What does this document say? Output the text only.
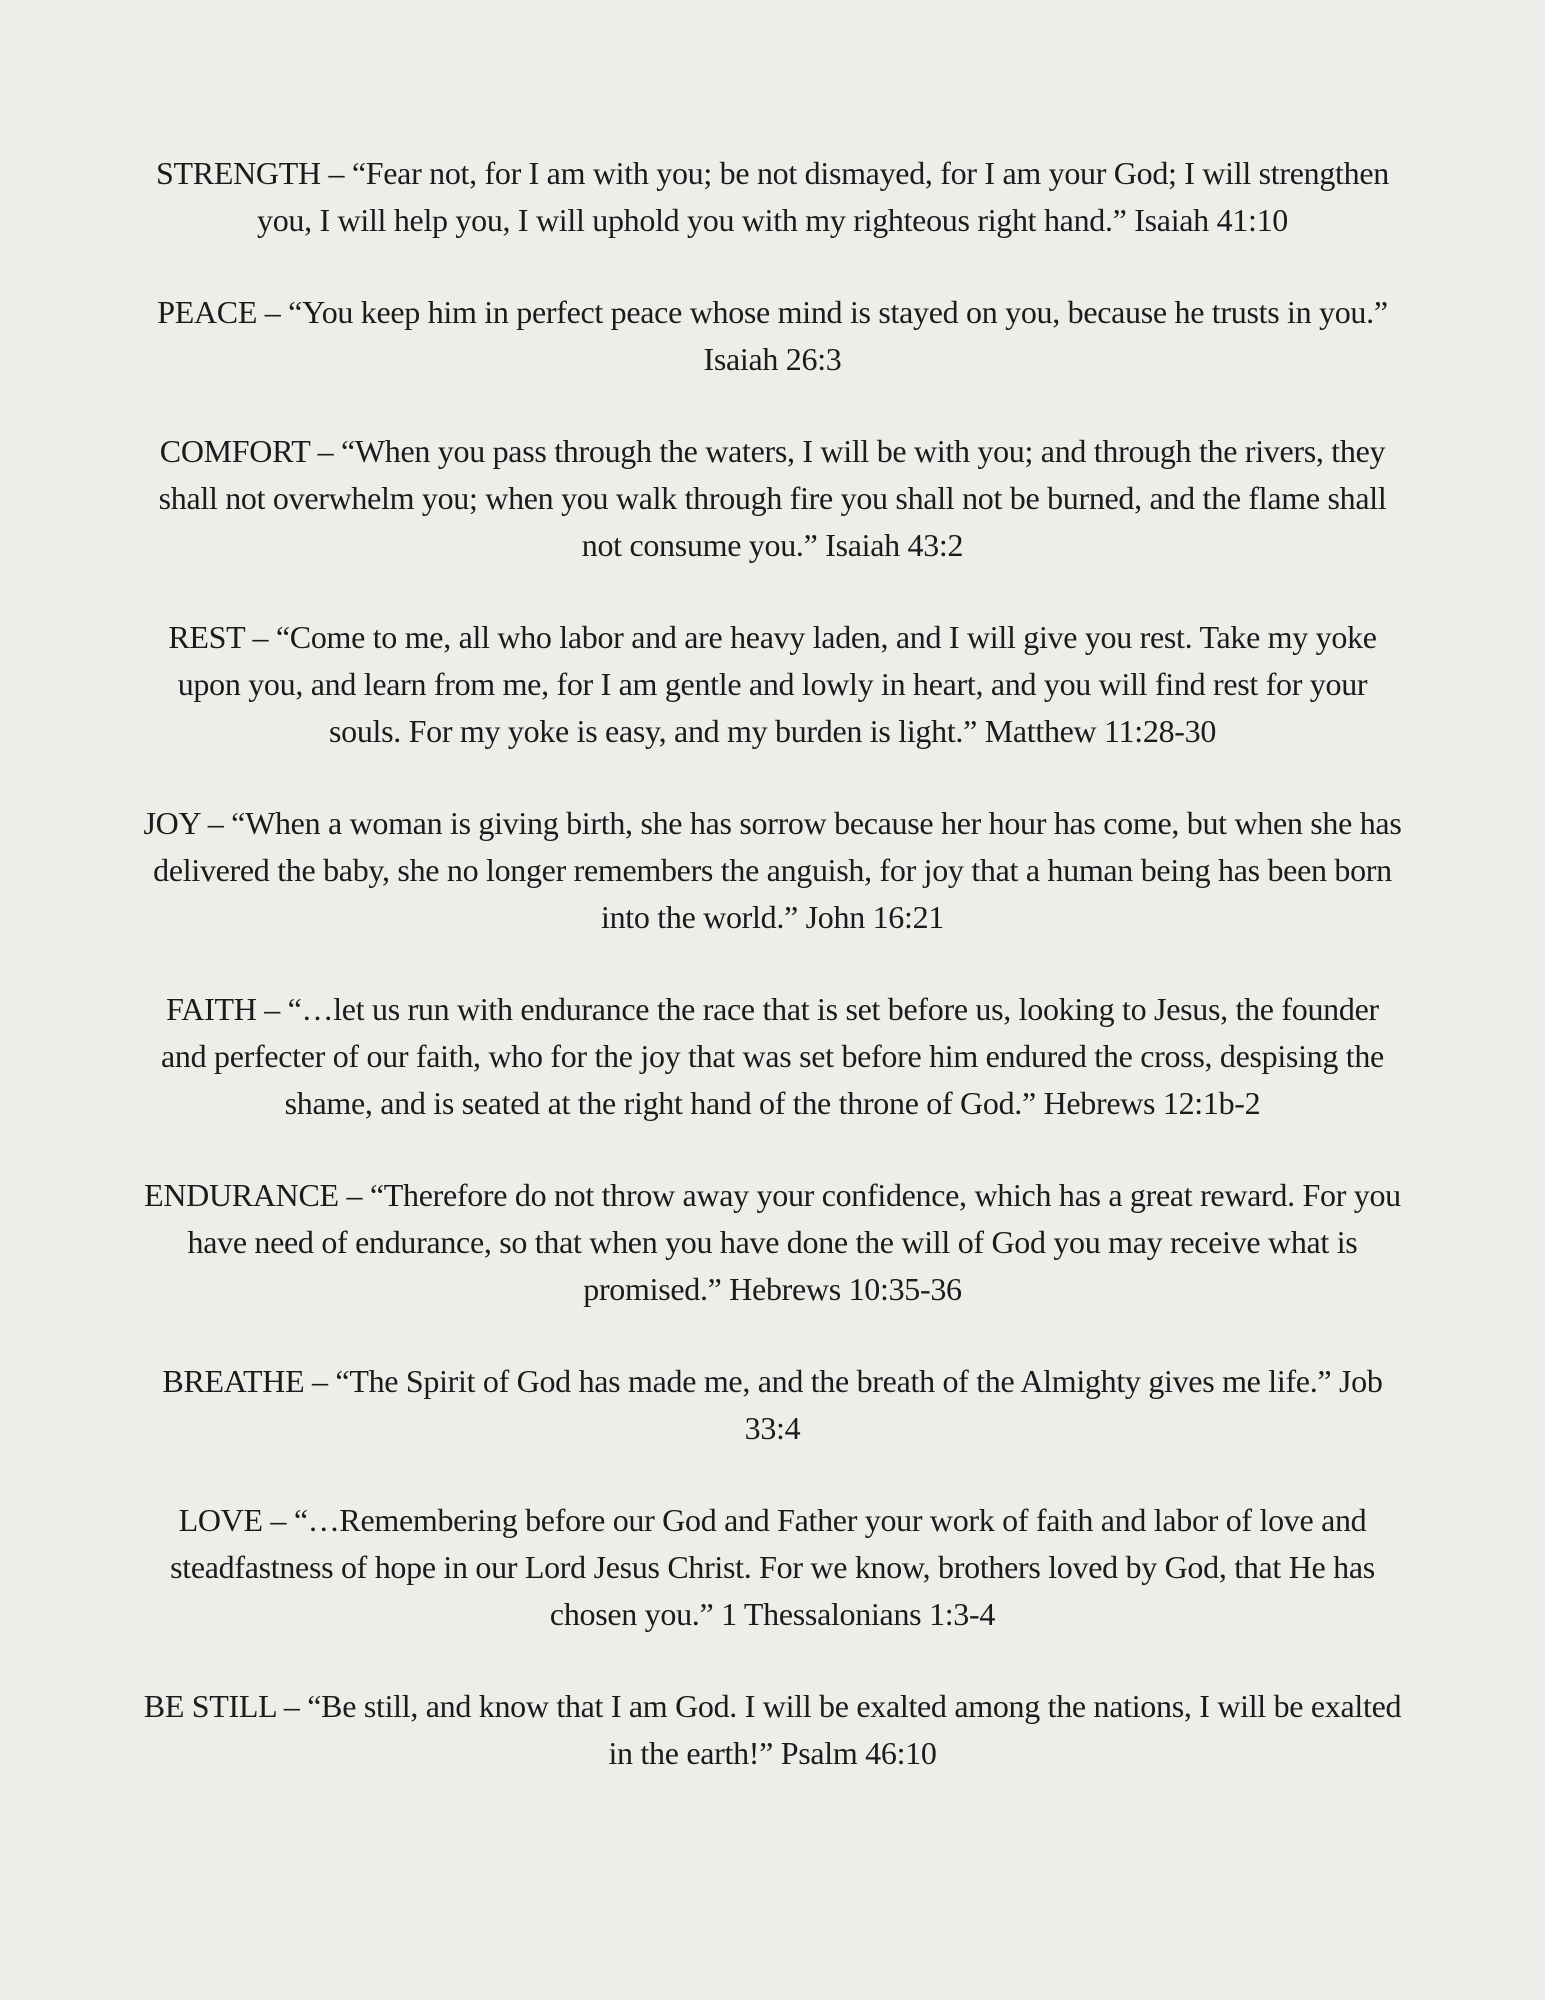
STRENGTH – “Fear not, for I am with you; be not dismayed, for I am your God; I will strengthen you, I will help you, I will uphold you with my righteous right hand.” Isaiah 41:10

PEACE – “You keep him in perfect peace whose mind is stayed on you, because he trusts in you.” Isaiah 26:3

COMFORT – “When you pass through the waters, I will be with you; and through the rivers, they shall not overwhelm you; when you walk through fire you shall not be burned, and the flame shall not consume you.” Isaiah 43:2

REST – “Come to me, all who labor and are heavy laden, and I will give you rest. Take my yoke upon you, and learn from me, for I am gentle and lowly in heart, and you will find rest for your souls. For my yoke is easy, and my burden is light.” Matthew 11:28-30

JOY – “When a woman is giving birth, she has sorrow because her hour has come, but when she has delivered the baby, she no longer remembers the anguish, for joy that a human being has been born into the world.” John 16:21

FAITH – “…let us run with endurance the race that is set before us, looking to Jesus, the founder and perfecter of our faith, who for the joy that was set before him endured the cross, despising the shame, and is seated at the right hand of the throne of God.” Hebrews 12:1b-2

ENDURANCE – “Therefore do not throw away your confidence, which has a great reward. For you have need of endurance, so that when you have done the will of God you may receive what is promised.” Hebrews 10:35-36

BREATHE – “The Spirit of God has made me, and the breath of the Almighty gives me life.” Job 33:4

LOVE – “…Remembering before our God and Father your work of faith and labor of love and steadfastness of hope in our Lord Jesus Christ. For we know, brothers loved by God, that He has chosen you.” 1 Thessalonians 1:3-4

BE STILL – “Be still, and know that I am God. I will be exalted among the nations, I will be exalted in the earth!” Psalm 46:10
